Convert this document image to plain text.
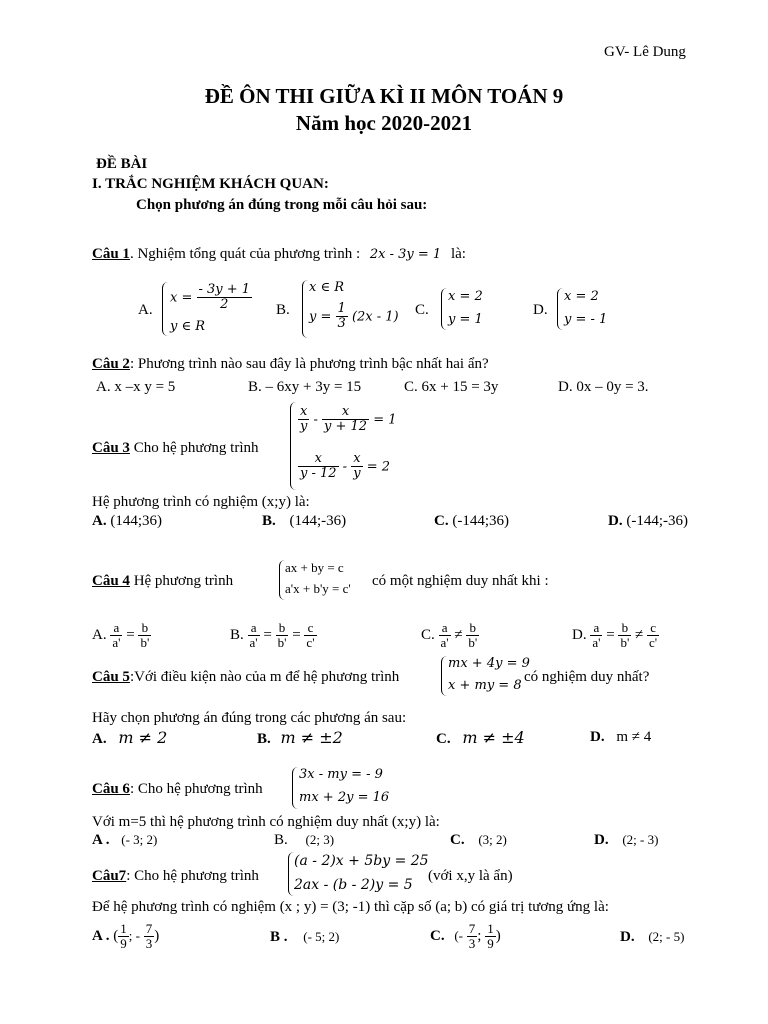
GV- Lê Dung
ĐỀ ÔN THI GIỮA KÌ II MÔN TOÁN 9
Năm học 2020-2021
ĐỀ BÀI
I. TRẮC NGHIỆM KHÁCH QUAN:
Chọn phương án đúng trong mỗi câu hỏi sau:
Câu 1. Nghiệm tổng quát của phương trình : 2x - 3y = 1 là:
A.
$x = \frac{- 3y + 1}{2}$
y ∈ R
B.
x ∈ R
$y = \frac{1}{3} (2x - 1)$ C.
x = 2
y = 1
D.
x = 2
y = - 1
Câu 2: Phương trình nào sau đây là phương trình bậc nhất hai ẩn?
A. x –x y = 5	B. – 6xy + 3y = 15	C. 6x + 15 = 3y	D. 0x – 0y = 3.
Câu 3 Cho hệ phương trình
$\frac{x}{y} - \frac{x}{y + 12} = 1$
$\frac{x}{y - 12} - \frac{x}{y} = 2$
Hệ phương trình có nghiệm (x;y) là:
A. (144;36)	B. (144;-36)	C. (-144;36)	D. (-144;-36)
Câu 4 Hệ phương trình
ax + by = c
a'x + b'y = c' có một nghiệm duy nhất khi :
A. $\frac{a}{a'} = \frac{b}{b'}$	B. $\frac{a}{a'} = \frac{b}{b'} = \frac{c}{c'}$	C. $\frac{a}{a'} \ne \frac{b}{b'}$	D. $\frac{a}{a'} = \frac{b}{b'} \ne \frac{c}{c'}$
Câu 5:Với điều kiện nào của m để hệ phương trình
mx + 4y = 9
x + my = 8
có nghiệm duy nhất?
Hãy chọn phương án đúng trong các phương án sau:
A. m ≠ 2	B. m ≠ ±2	C. m ≠ ±4	D. m ≠ 4
Câu 6: Cho hệ phương trình
3x - my = - 9
mx + 2y = 16
Với m=5 thì hệ phương trình có nghiệm duy nhất (x;y) là:
A . (- 3; 2)	B. (2; 3)	C. (3; 2)	D. (2; - 3)
Câu7: Cho hệ phương trình
(a - 2)x + 5by = 25
2ax - (b - 2)y = 5
(với x,y là ẩn)
Để hệ phương trình có nghiệm (x ; y) = (3; -1) thì cặp số (a; b) có giá trị tương ứng là:
A . ( $\frac{1}{9}$ ; - $\frac{7}{3}$ )	B . (- 5; 2)	C. (- $\frac{7}{3}$ ; $\frac{1}{9}$ )	D. (2; - 5)
